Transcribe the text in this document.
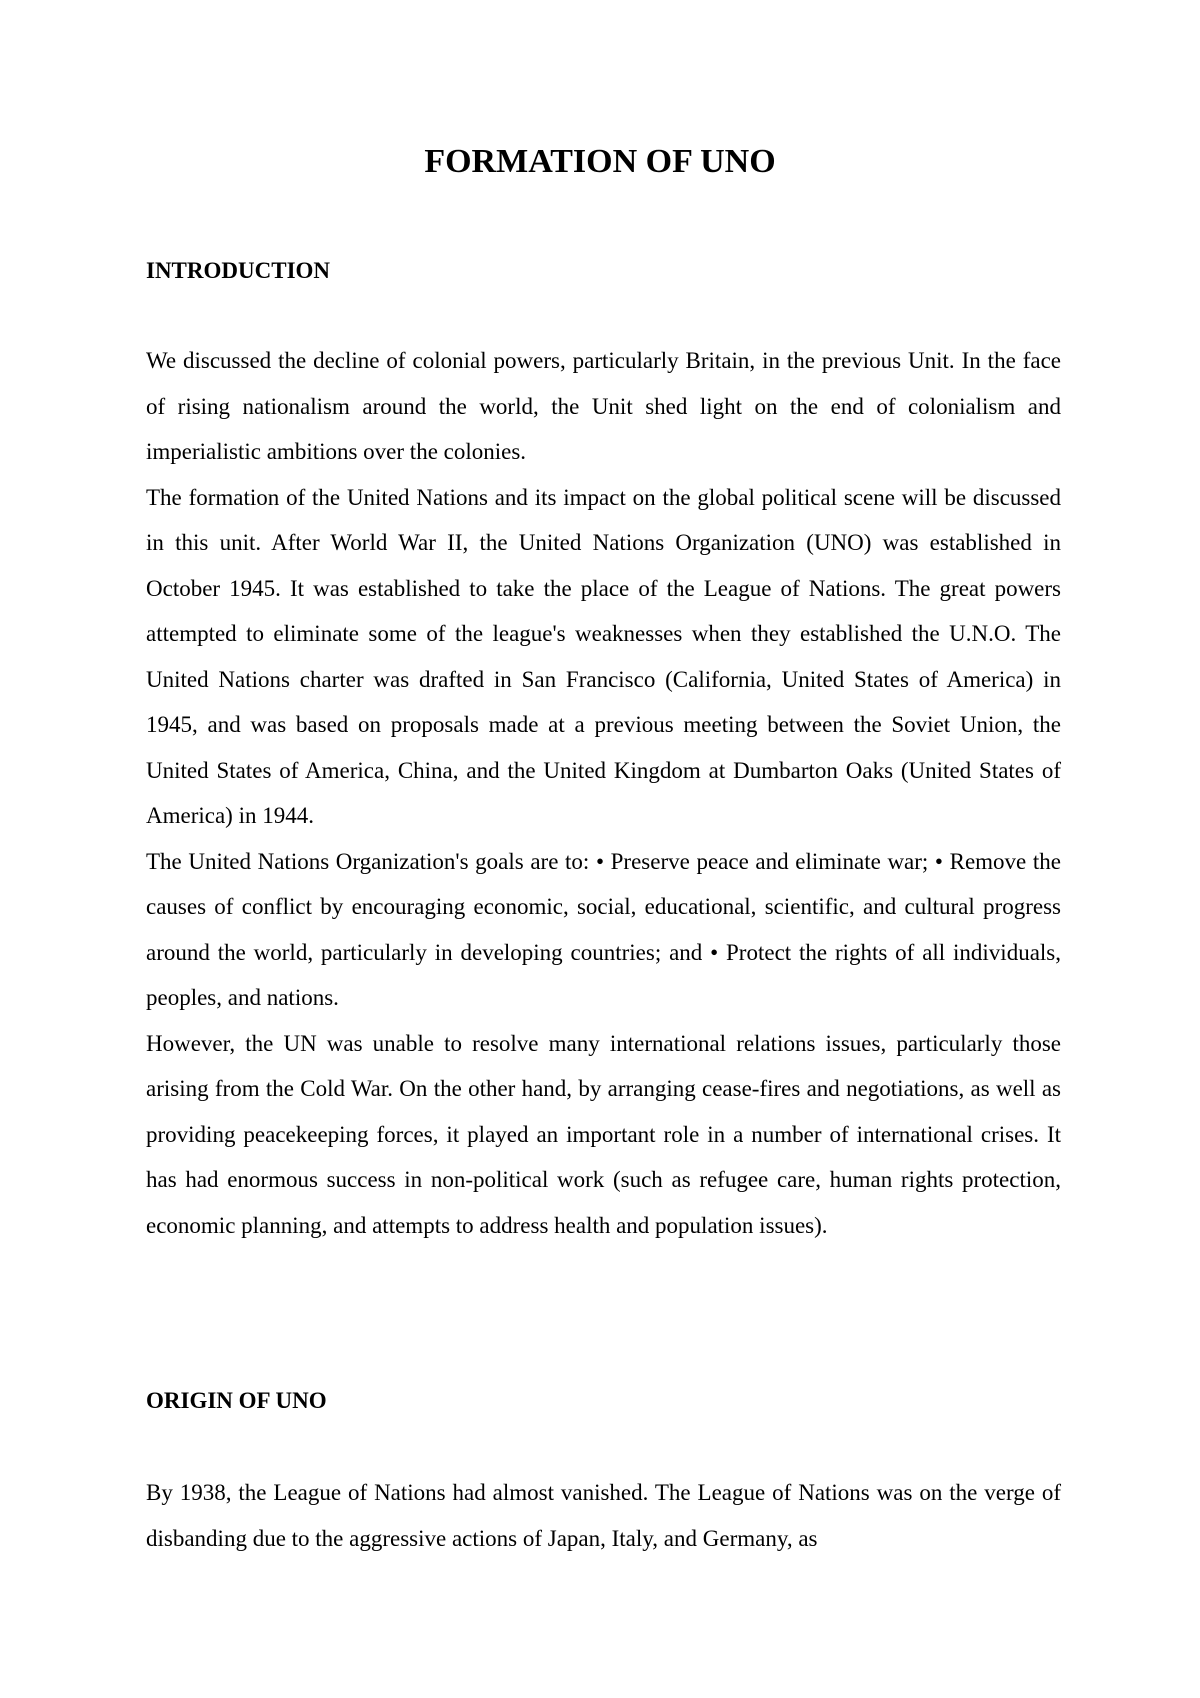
FORMATION OF UNO
INTRODUCTION

We discussed the decline of colonial powers, particularly Britain, in the previous Unit. In the face of rising nationalism around the world, the Unit shed light on the end of colonialism and imperialistic ambitions over the colonies.

The formation of the United Nations and its impact on the global political scene will be discussed in this unit. After World War II, the United Nations Organization (UNO) was established in October 1945. It was established to take the place of the League of Nations. The great powers attempted to eliminate some of the league's weaknesses when they established the U.N.O. The United Nations charter was drafted in San Francisco (California, United States of America) in 1945, and was based on proposals made at a previous meeting between the Soviet Union, the United States of America, China, and the United Kingdom at Dumbarton Oaks (United States of America) in 1944.

The United Nations Organization's goals are to: • Preserve peace and eliminate war; • Remove the causes of conflict by encouraging economic, social, educational, scientific, and cultural progress around the world, particularly in developing countries; and • Protect the rights of all individuals, peoples, and nations.

However, the UN was unable to resolve many international relations issues, particularly those arising from the Cold War. On the other hand, by arranging cease-fires and negotiations, as well as providing peacekeeping forces, it played an important role in a number of international crises. It has had enormous success in non-political work (such as refugee care, human rights protection, economic planning, and attempts to address health and population issues).

ORIGIN OF UNO

By 1938, the League of Nations had almost vanished. The League of Nations was on the verge of disbanding due to the aggressive actions of Japan, Italy, and Germany, as
